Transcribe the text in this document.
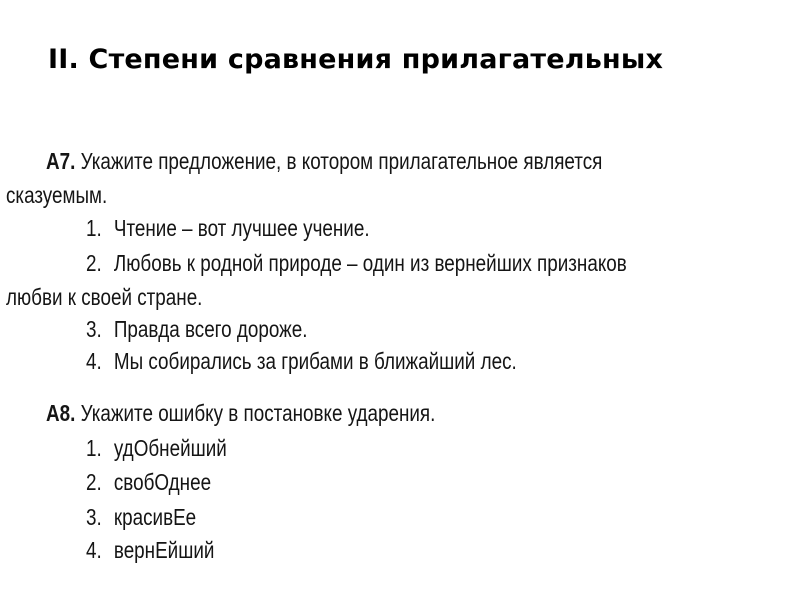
II. Степени сравнения прилагательных
А7. Укажите предложение, в котором прилагательное является
сказуемым.
1. Чтение – вот лучшее учение.
2. Любовь к родной природе – один из вернейших признаков
любви к своей стране.
3. Правда всего дороже.
4. Мы собирались за грибами в ближайший лес.
А8. Укажите ошибку в постановке ударения.
1. удОбнейший
2. свобОднее
3. красивЕе
4. вернЕйший
